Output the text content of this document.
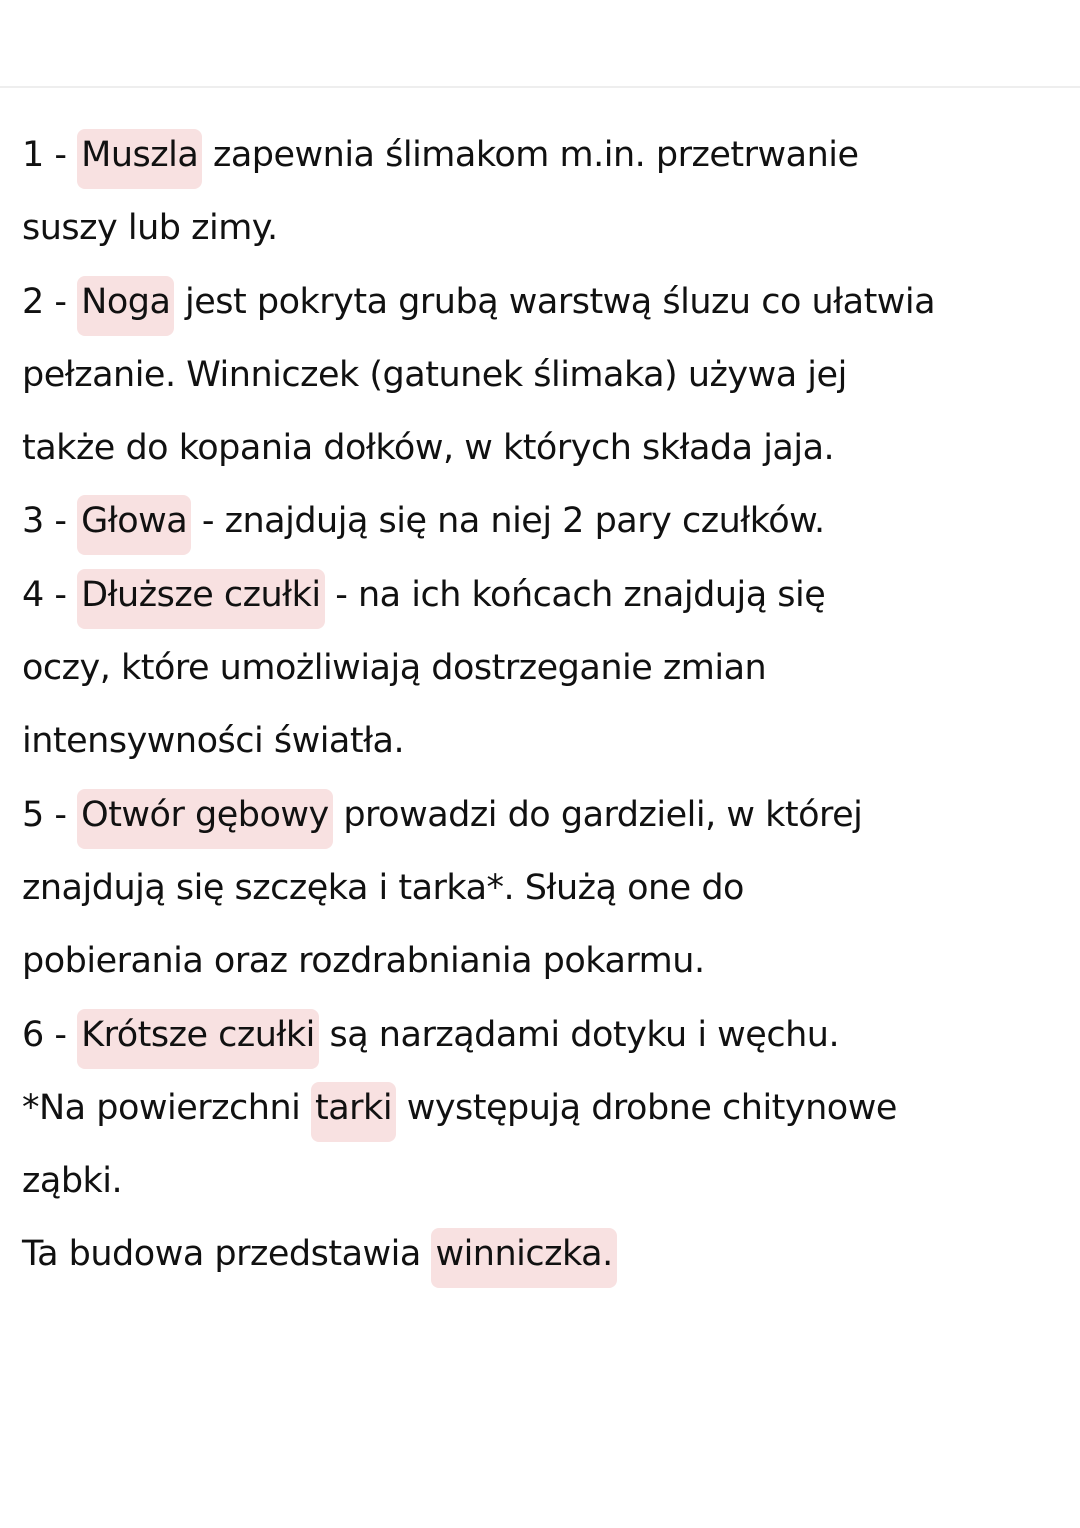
1 - Muszla zapewnia ślimakom m.in. przetrwanie
suszy lub zimy.
2 - Noga jest pokryta grubą warstwą śluzu co ułatwia
pełzanie. Winniczek (gatunek ślimaka) używa jej
także do kopania dołków, w których składa jaja.
3 - Głowa - znajdują się na niej 2 pary czułków.
4 - Dłuższe czułki - na ich końcach znajdują się
oczy, które umożliwiają dostrzeganie zmian
intensywności światła.
5 - Otwór gębowy prowadzi do gardzieli, w której
znajdują się szczęka i tarka*. Służą one do
pobierania oraz rozdrabniania pokarmu.
6 - Krótsze czułki są narządami dotyku i węchu.
*Na powierzchni tarki występują drobne chitynowe
ząbki.
Ta budowa przedstawia winniczka.
